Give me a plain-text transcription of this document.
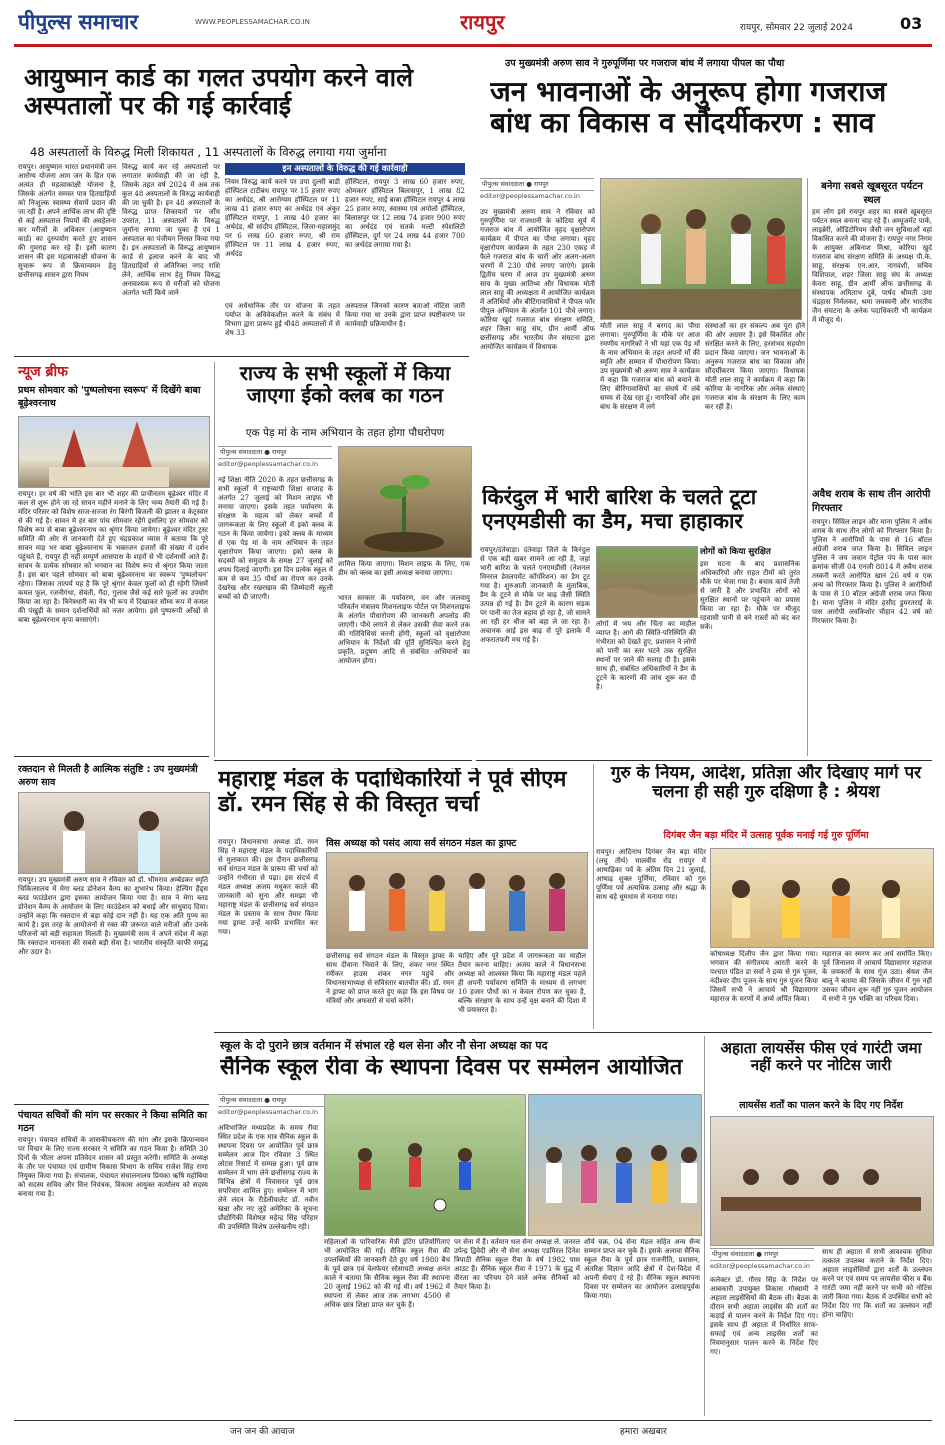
पीपुल्स समाचार	WWW.PEOPLESSAMACHAR.CO.IN	रायपुर	रायपुर, सोमवार 22 जुलाई 2024	03
आयुष्मान कार्ड का गलत उपयोग करने वाले अस्पतालों पर की गई कार्रवाई
48 अस्पतालों के विरुद्ध मिली शिकायत , 11 अस्पतालों के विरुद्ध लगाया गया जुर्माना
रायपुर। आयुष्मान भारत प्रधानमंत्री जन आरोग्य योजना आम जन के हित एक अत्यंत ही महत्वाकांक्षी योजना है, जिसके अंतर्गत समस्त पात्र हितग्राहियों को निःशुल्क स्वास्थ्य सेवायें प्रदान की जा रही है। अपने आर्थिक लाभ की दृष्टि से कई अस्पताल नियमों की अवहेलना कर मरीजों के अधिकार (आयुष्मान कार्ड) का दुरुपयोग करते हुए शासन की गुमराह कर रहे हैं। इसी कारण शासन की इस महत्वाकांक्षी योजना के सुचारू रूप से क्रियान्वयन हेतु छत्तीसगढ़ शासन द्वारा नियम
विरुद्ध कार्य कर रहे अस्पतालों पर लगातार कार्यवाही की जा रही है, जिसके तहत वर्ष 2024 में अब तक कुल 48 अस्पतालों के विरुद्ध कार्यवाही की जा चुकी है। इन 48 अस्पतालों के विरुद्ध प्राप्त शिकायतों पर जाँच उपरांत, 11 अस्पतालों के विरुद्ध जुर्माना लगाया जा चुका है एवं 1 अस्पताल का पंजीयन निरस्त किया गया है। इन अस्पतालों के विरुद्ध आयुष्मान कार्ड से इलाज करने के बाद भी हितग्राहियों से अतिरिक्त नगद राशि लेने, आर्थिक लाभ हेतु नियम विरुद्ध अनावश्यक रूप से मरीजों को योजना अंतर्गत भर्ती किये जाने
इन अस्पतालों के विरुद्ध की गई कार्रवाही
नियम विरुद्ध कार्य करने पर उपा दुल्सी बाडी होस्पिटल टाटीबंध रायपुर पर 15 हजार रुपए का अर्थदंड, श्री आरोग्यम हॉस्पिटल पर 11 लाख 41 हजार रुपए का अर्थदंड एवं अंकुर हॉस्पिटल रायपुर, 1 लाख 40 हजार का अर्थदंड, श्री सांदीप हॉस्पिटल, जिला-महासमुंद पर 6 लाख 60 हजार रुपए, श्री राम हॉस्पिटल पर 11 लाख 4 हजार रुपए, अर्थदंड
हॉस्पिटल, रायपुर 3 लाख 60 हजार रुपए, ओमकार हॉस्पिटल बिलासपुर, 1 लाख 82 हजार रुपए, साईं बाबा हॉस्पिटल रायपुर 4 लाख 25 हजार रुपए, स्वास्थ्य एवं अपोलो हॉस्पिटल, बिलासपुर पर 12 लाख 74 हजार 900 रुपए का अर्थदंड एवं सतर्क मल्टी स्पेशलिटी हॉस्पिटल, दुर्ग पर 24 लाख 44 हजार 700 का अर्थदंड लगाया गया है।
एवं अधैधानिक तौर पर योजना के तहत पर्याप्त के अविवेकशील करने के संबंध में विभाग द्वारा प्रारूप हुई थी48 अस्पतालों में से शेष 33
अस्पताल जिनको कारण बताओ नोटिस जारी किया गया था उनके द्वारा प्राप्त स्पष्टीकरण पर कार्यवाही प्रक्रियाधीन है।
उप मुख्यमंत्री अरुण साव ने गुरुपूर्णिमा पर गजराज बांध में लगाया पीपल का पौधा
जन भावनाओं के अनुरूप होगा गजराज बांध का विकास व सौंदर्यीकरण : साव
पीपुल्स संवाददाता ● रायपुर
editor@peoplessamachar.co.in
उप मुख्यमंत्री अरुण साव ने रविवार को गुरुपूर्णिमा पर राजधानी के कोटिया सूर्य में गजराज बांध में आयोजित वृहद वृक्षारोपण कार्यक्रम में पीपल का पौधा लगाया। वृहद वृक्षारोपण कार्यक्रम के तहत 230 एकड़ में फैले गजराज बांध के चारों ओर अलग-अलग चरणों में 230 पौधे लगाए जाएंगे। इसके द्वितीय चरण में आज उप मुख्यमंत्री अरुण साव के मुख्य आतिथ्य और विधायक मोती लाल साहू की अध्यक्षता में आयोजित कार्यक्रम में अतिथियों और बीटिंगावासियों ने पीपल फॉर पीपुल अभियान के अंतर्गत 101 पौधे लगाए। कोरिया खुर्द गजराज बांध संरक्षण समिति, शहर जिला साहू संघ, ग्रीन आर्मी ऑफ छत्तीसगढ़ और भारतीय जैन संघटना द्वारा आयोजित कार्यक्रम में विधायक
मोती लाल साहू ने बरगद का पौधा लगाया। गुरुपूर्णिमा के मौके पर आज रमणीय नागरिकों ने भी यहां एक पेड़ माँ के नाम अभियान के तहत अपनों माँ की स्मृति और सम्मान में पौधारोपण किया। उप मुख्यमंत्री श्री अरुण साव ने कार्यक्रम में कहा कि गजराज बांध को बचाने के लिए बीरिंगावासियों का संघर्ष में लंबे समय से देख रहा हूं। नागरिकों और इस बांध के संरक्षण में लगे
संस्थाओं का हर संकल्प अब पूरा होने की ओर अग्रसर है। इसे विकसित और संरक्षित करने के लिए, हरसंभव सहयोग प्रदान किया जाएगा। जन भावनाओं के अनुरूप गजराज बांध का विकास और सौंदर्यीकरण किया जाएगा। विधायक मोती लाल साहू ने कार्यक्रम में कहा कि कोरिया के नागरिक और अनेक संस्थाएं गजराज बांध के संरक्षण के लिए काम कर रही हैं।
बनेगा सबसे खूबसूरत पर्यटन स्थल
हम लोग इसे रायपुर शहर का सबसे खूबसूरत पर्यटन स्थल बनाना चाह रहे हैं। अम्यूजमेंट पार्क, लाइब्रेरी, ऑडिटोरियम जैसी जन सुविधाओं वहां विकसित करने की योजना है। रायपुर नगर निगम के आयुक्त अबिनाश मिश्रा, कोरिया खुर्द गजराज बांध संरक्षण समिति के अध्यक्ष पी.के. साहू, संरक्षक एन.आर. नागवंशी, सचिव विशिपाल, शहर जिला साहू संघ के अध्यक्ष केवरा साहू, ग्रीन आर्मी ऑफ छत्तीसगढ़ के संस्थापक अमिताभ दुबे, पार्षद श्रीमती उमा चंद्रहास निर्मलकर, श्रमा जयस्वनी और भारतीय जैन संघटना के अनेक पदाधिकारी भी कार्यक्रम में मौजूद थे।
न्यूज ब्रीफ
प्रथम सोमवार को 'पुष्पलोचना स्वरूप' में दिखेंगे बाबा बूढ़ेश्वरनाथ
रायपुर। हर वर्ष की भांति इस बार भी शहर की प्राचीनतम बूढ़ेश्वर मंदिर में कल से शुरू होने जा रहे सावन महीने मनाने के लिए भव्य तैयारी की गई है। मंदिर परिसर को विशेष साज-सज्जा रंग बिरंगी बिजली की झालर व केट्रस्वार से की गई है। सावन मे हर बार पांच सोमवार रहेंगे इसलिए हर सोमवार को विशेष रूप से बाबा बूढ़ेश्वरनाथ का श्रृंगार किया जायेगा। बूढ़ेश्वर मंदिर ट्रस्ट समिति की ओर से जानकारी देते हुए चंद्रप्रकाश व्यास ने बताया कि पूरे सावन माह भर बाबा बूढ़ेश्वरनाथ के भक्तजन हजारों की संख्या में दर्शन पहुंचते हैं, रायपुर ही नहीं सम्पूर्ण आसपास के शहरों से भी दर्शनार्थी आते हैं। सावन के प्रत्येक सोमवार को भगवान का विशेष रूप से श्रृंगार किया जाता है। इस बार पहले सोमवार को बाबा बूढ़ेश्वरनाथ का स्वरूप 'पुष्पलोचन' रहेगा। जिसका तात्पर्य यह है कि पूरे श्रृंगार केवल फूलों को ही रहेगी जिसमें कमल फूल, रजनीगंधा, सेवंती, गेंदा, गुलाब जैसे कई सारे फूलों का उपयोग किया जा रहा है। त्रिनेत्रधारी का नेत्र भी रूप में दिखाकर सौम्य रूप में कमल की पंखुड़ी के समान दर्शनार्थियों को नजर आयेगा। इसे पुष्परूपी आँखों से बाबा बूढ़ेश्वरनाथ कृपा बरसाएंगे।
राज्य के सभी स्कूलों में किया जाएगा ईको क्लब का गठन
एक पेड़ मां के नाम अभियान के तहत होगा पौधरोपण
पीपुल्स संवाददाता ● रायपुर
editor@peoplessamachar.co.in
नई शिक्षा नीति 2020 के तहत छत्तीसगढ़ के सभी स्कूलों में राष्ट्रव्यापी शिक्षा सप्ताह के अंतर्गत 27 जुलाई को मिशन लाइफ भी मनाया जाएगा। इसके तहत पर्यावरण के संरक्षण के महत्व को लेकर बच्चों में जागरूकता के लिए स्कूलों में इको क्लब के गठन के किया जायेगा। इको क्लब के माध्यम से एक पेड़ मां के नाम अभियान के तहत वृक्षारोपण किया जाएगा। इको क्लब के सदस्यों को समुदाय के समक्ष 27 जुलाई को शपथ दिलाई जाएगी। इस दिन प्रत्येक स्कूल में कम से कम 35 पौधों का रोपण कर उनके देखरेख और रखरखाव की जिम्मेदारी स्कूली बच्चों को दी जाएगी।
शामिल किया जाएगा। मिशन लाइफ के लिए, एक डीम को क्लब का इसी अध्यक्ष बनाया जाएगा।
भारत सरकार के पर्यावरण, वन और जलवायु परिवर्तन मंत्रालय मिशनलाइफ पोर्टल पर मिशनलाइफ के अंतर्गत पौधारोपण की जानकारी अपलोड की जाएगी। पौधे लगाने से लेकर उसकी सेवा करने तक की गतिविधियां करनी होंगी, स्कूलों को वृक्षारोपण अभियान के निर्देशों की पूर्ति सुनिश्चित करने हेतु प्रकृति, प्रदूषण आदि से संबंधित अभियानों का आयोजन होगा।
किरंदुल में भारी बारिश के चलते टूटा एनएमडीसी का डैम, मचा हाहाकार
रायपुर/दंतेवाड़ा। दंतेवाड़ा जिले के किरंदुल से एक बड़ी खबर सामने आ रही है, जहां भारी बारिश के चलते एनएमडीसी (नेशनल मिनरल डेवलपमेंट कॉर्पोरेशन) का डैम टूट गया है। शुरुआती जानकारी के मुताबिक, डैम के टूटने से मौके पर बाढ़ जैसी स्थिति उत्पन्न हो गई है। डैम टूटने के कारण सड़क पर पानी का तेज बहाव हो रहा है, जो सामने आ रही हर चीज को बहा ले जा रहा है। अचानक आई इस बाढ़ से पूरे इलाके में अफरातफरी मच गई है।
लोगों को किया सुरक्षित
इस घटना के बाद प्रशासनिक अधिकारियों और राहत टीमों को तुरंत मौके पर भेजा गया है। बचाव कार्य तेजी से जारी है और प्रभावित लोगों को सुरक्षित स्थानों पर पहुंचाने का प्रयास किया जा रहा है। मौके पर मौजूद रहवासी पानी से बने रास्तों को बंद कर सकें।
लोगों में भय और चिंता का माहौल व्याप्त है। आगे की स्थिति-परिस्थिति की गंभीरता को देखते हुए, प्रशासन ने लोगों को पानी का स्तर घटने तक सुरक्षित स्थानों पर जाने की सलाह दी है। इसके साथ ही, संबंधित अधिकारियों ने डैम के टूटने के कारणों की जांच शुरू कर दी है।
अवैध शराब के साथ तीन आरोपी गिरफ्तार
रायपुर। सिविल लाइन और माना पुलिस ने अवैध शराब के साथ तीन लोगों को गिरफ्तार किया है। पुलिस ने आरोपियों के पास से 16 बॉटल अंग्रेजी शराब जप्त किया है। सिविल लाइन पुलिस ने जय जवान पेट्रोल पंप के पास कार क्रमांक सीजी 04 एनजी 8014 में अवैध शराब तस्करी करते आरोपित खान 26 वर्ष व एक अन्य को गिरफ्तार किया है। पुलिस ने आरोपियों के पास से 10 बॉटल अंग्रेजी शराब जप्त किया है। माना पुलिस ने मंदिर हसौद डुमरतराई के पास आरोपी लवकिशोर चौहान 42 वर्ष को गिरफ्तार किया है।
महाराष्ट्र मंडल के पदाधिकारियों ने पूर्व सीएम डॉ. रमन सिंह से की विस्तृत चर्चा
रायपुर। विधानसभा अध्यक्ष डॉ. रमन सिंह ने महाराष्ट्र मंडल के पदाधिकारियों से मुलाकात की। इस दौरान छत्तीसगढ़ सर्व संगठन मंडल के प्रारूप की चर्चा को उन्होंने गंभीरता से पढ़ा। इस संदर्भ में मंडल अध्यक्ष अजय मधुकर काले की जानकारी को सुना और समझा भी महाराष्ट्र मंडल के छत्तीसगढ़ सर्व संगठन मंडल के प्रस्ताव के साथ तैयार किया गया ड्राफ्ट उन्हें काफी प्रभावित कर गया।
विस अध्यक्ष को पसंद आया सर्व संगठन मंडल का ड्राफ्ट
छत्तीसगढ़ सर्व संगठन मंडल के विस्तृत ड्राफ्ट के साथ दीवाना भिवाने के लिए, शंकर नगर स्थित रमीकर हाउस शंकर नगर पहुंचे और विधानसभाध्यक्ष से सविस्तार बातचीत की। डॉ. रमन ने ड्राफ्ट को प्राप्त करते हुए कहा कि इस विषय पर मंत्रियों और अफसरों से चर्चा करेंगे।
चाहिए और पूरे प्रदेश में जागरूकता का माहौल तैयार करना चाहिए। अजय काले ने विधानसभा अध्यक्ष को आश्वस्त किया कि महाराष्ट्र मंडल पहले ही अपनी पर्यावरण समिति के माध्यम से लगभग 10 हजार पौधों का न केवल रोपण कर चुका है, बल्कि संरक्षण के साथ उन्हें वृक्ष बनाने की दिशा में भी प्रयासरत है।
गुरु के नियम, आदेश, प्रतिज्ञा और दिखाए मार्ग पर चलना ही सही गुरु दक्षिणा है : श्रेयश
दिगंबर जैन बड़ा मंदिर में उत्साह पूर्वक मनाई गई गुरु पूर्णिमा
रायपुर। आदिनाथ दिगंबर जैन बड़ा मंदिर (लघु तीर्थ) मालवीय रोड रायपुर में आषाढ़िका पर्व के अंतिम दिन 21 जुलाई, आषाढ़ शुक्ल पूर्णिमा, रविवार को गुरु पूर्णिमा पर्व अत्यधिक उत्साह और श्रद्धा के साथ बड़े धूमधाम से मनाया गया।
कोषाध्यक्ष दिलीप जैन द्वारा किया गया। भगवान की संगीतमय आरती करने के पश्चात पंडित डा सर्वा ने द्रव्य से गुरु पूजन, नंदीश्वर दीप पूजन के साथ गुरु पूजन किया जिसमें सभी ने आचार्य श्री विद्यासागर महाराज के चरणों में अर्घ्य अर्पित किया।
महाराज का स्मरण कर अर्घ समर्पित किए। पूर्व जिनालय में आचार्य विद्यासागर महाराज के जयकारों के साथ गूंज उठा। श्रेयश जैन बालू ने बताया की जिसके जीवन में गुरु नहीं उसका जीवन शुरू नहीं गुरु पूजन आयोजन में सभी ने गुरु भक्ति का परिचय दिया।
रक्तदान से मिलती है आत्मिक संतुष्टि : उप मुख्यमंत्री अरुण साव
रायपुर। उप मुख्यमंत्री अरुण साव ने रविवार को डॉ. भीमराव अम्बेडकर स्मृति चिकित्सालय में मेगा ब्लड डोनेशन कैम्प का शुभारंभ किया। हेल्पिंग हैंड्स ब्लड फाउंडेशन द्वारा इसका आयोजन किया गया है। साव ने मेगा ब्लड डोनेशन कैम्प के आयोजन के लिए फाउंडेशन को बधाई और साधुवाद दिया। उन्होंने कहा कि रक्तदान से बड़ा कोई दान नहीं है। यह एक अति पुण्य का कार्य है। इस तरह के आयोजनों से रक्त की जरूरत वाले मरीजों और उनके परिजनों को बड़ी सहायता मिलती है। मुख्यमंत्री साय ने अपने संदेश में कहा कि रक्तदान मानवता की सबसे बड़ी सेवा है। भारतीय संस्कृति काफी समृद्ध और उदार है।
पंचायत सचिवों की मांग पर सरकार ने किया समिति का गठन
रायपुर। पंचायत सचिवों के शासकीयकरण की मांग और इसके क्रियान्वयन पर विचार के लिए राज्य सरकार ने समिति का गठन किया है। समिति 30 दिनों के भीतर अपना प्रतिवेदन शासन को प्रस्तुत करेगी। समिति के अध्यक्ष के तौर पर पंचायत एवं ग्रामीण विकास विभाग के सचिव राजेश सिंह राणा नियुक्त किया गया है। संचालक, पंचायत संचालनालय प्रियंका ऋषि महोबिया को सदस्य सचिव और वित्त नियंत्रक, विकास आयुक्त कार्यालय को सदस्य बनाया गया है।
स्कूल के दो पुराने छात्र वर्तमान में संभाल रहे थल सेना और नौ सेना अध्यक्ष का पद
सैनिक स्कूल रीवा के स्थापना दिवस पर सम्मेलन आयोजित
पीपुल्स संवाददाता ● रायपुर
editor@peoplessamachar.co.in
अविभाजित मध्यप्रदेश के समय रीवा स्थित प्रदेश के एक मात्र सैनिक स्कूल के स्थापना दिवस पर आयोजित पूर्व छात्र सम्मेलन आज दिन रविवार 3 स्थित लोटस रिसार्ट में सम्पन्न हुआ। पूर्व छात्र सम्मेलन में भाग लेने छत्तीसगढ़ राज्य के विभिन्न क्षेत्रों में निवासरत पूर्व छात्र सपरिवार शामिल हुए। सम्मेलन में भाग लेने लंदन के रीडेलीवालेट डॉ. नवीन खन्ना और नए जुड़े अमेरिका के सूचना प्रौद्योगिकी विशेषज्ञ महेन्द्र सिंह परिहार की उपस्थिति विशेष उल्लेखनीय रही।
महिलाओं के पारिवारिक मैत्री इंटिंग प्रतियोगिताएं भी आयोजित की गईं। सैनिक स्कूल रीवा की उपलब्धियों की जानकारी देते हुए वर्ष 1980 बैच के पूर्व छात्र एवं वेलफेयर सोसायटी अध्यक्ष अनंत काले ने बताया कि सैनिक स्कूल रीवा की स्थापना 20 जुलाई 1962 को की गई थी। वर्ष 1962 में स्थापना से लेकर आज तक लगभग 4500 से अधिक छात्र शिक्षा प्राप्त कर चुके हैं।
पर सेना में हैं। वर्तमान थल सेना अध्यक्ष ले. जनरल उपेन्द्र द्विवेदी और नौ सेना अध्यक्ष एडमिरल दिनेश त्रिपाठी सैनिक स्कूल रीवा के वर्ष 1982 पास आउट हैं। सैनिक स्कूल रीवा ने 1971 के युद्ध में वीरता का परिचय देने वाले अनेक सैनिकों को तैयार किया है।
शौर्य चक्र, 04 सेना मेडल सहित अन्य सैन्य सम्मान प्राप्त कर चुके हैं। इसके अलावा सैनिक स्कूल रीवा के पूर्व छात्र राजनीति, प्रशासन, अंतरिक्ष विज्ञान आदि क्षेत्रों में देश-विदेश में अपनी सेवाएं दे रहे हैं। सैनिक स्कूल स्थापना दिवस पर सम्मेलन का आयोजन उत्साहपूर्वक किया गया।
अहाता लायसेंस फीस एवं गारंटी जमा नहीं करने पर नोटिस जारी
लायसेंस शर्तों का पालन करने के दिए गए निर्देश
पीपुल्स संवाददाता ● रायपुर
editor@peoplessamachar.co.in
कलेक्टर डॉ. गौरव सिंह के निर्देश पर आबकारी उपायुक्त विकास गोस्वामी ने अहाता लाइसेंसियों की बैठक ली। बैठक के दौरान सभी अहाता लाइसेंस की शर्तों का कड़ाई से पालन करने के निर्देश दिए गए। इसके साथ ही अहाता में निर्धारित साफ-सफाई एवं अन्य लाइसेंस शर्तों का नियमानुसार पालन करने के निर्देश दिए गए।
साथ ही अहाता में सभी आवश्यक सुविधा तत्काल उपलब्ध कराने के निर्देश दिए। अहाता लाइसेंसियों द्वारा शर्तों के उल्लंघन करने पर एवं समय पर लायसेंस फीस व बैंक गारंटी जमा नहीं करने पर सभी को नोटिस जारी किया गया। बैठक में उपस्थित सभी को निर्देश दिए गए कि शर्तों का उल्लंघन नहीं होना चाहिए।
जन जन की आवाज	हमारा अखबार
